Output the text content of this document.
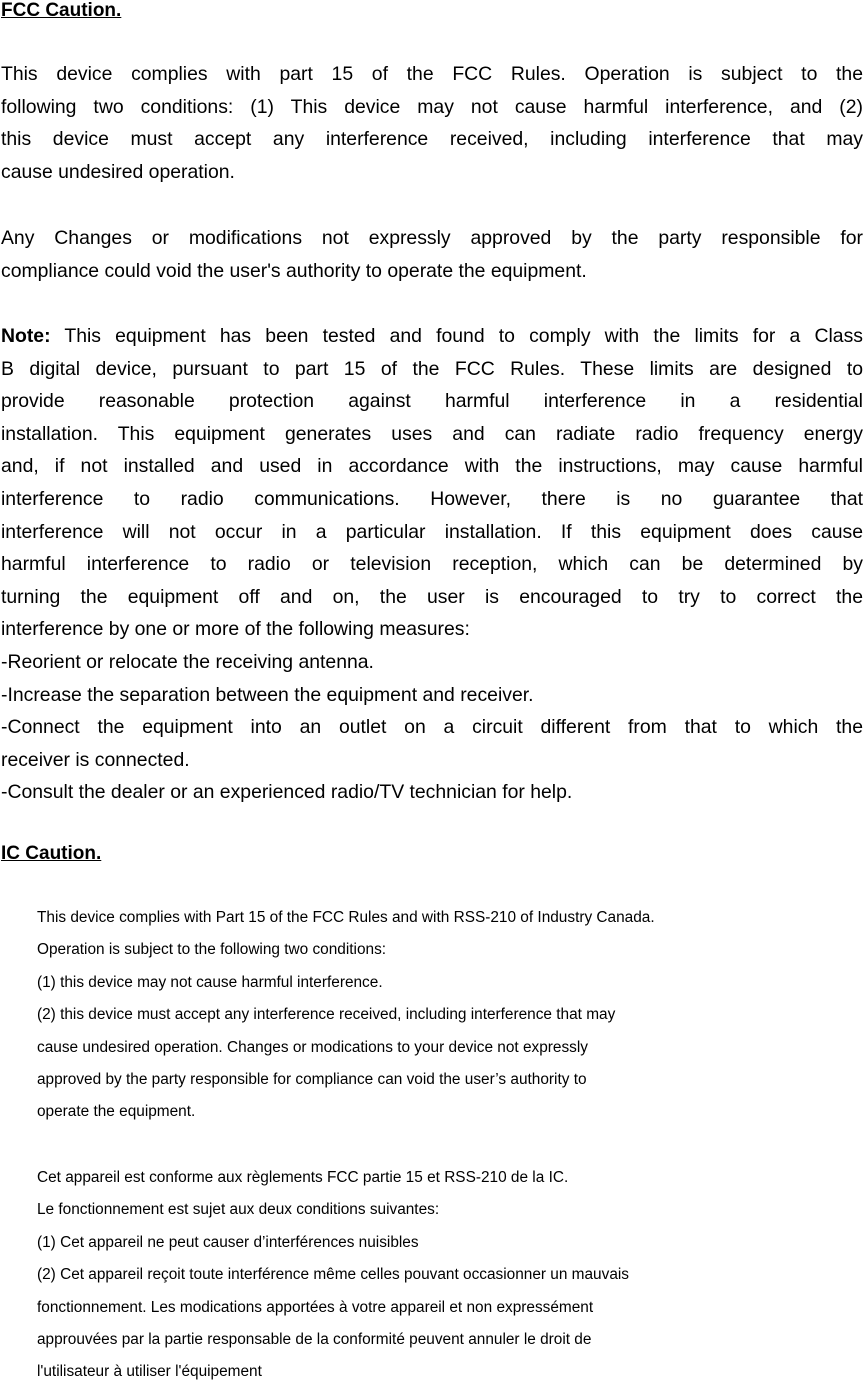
FCC Caution.

This device complies with part 15 of the FCC Rules. Operation is subject to the
following two conditions: (1) This device may not cause harmful interference, and (2)
this device must accept any interference received, including interference that may
cause undesired operation.

Any Changes or modifications not expressly approved by the party responsible for
compliance could void the user's authority to operate the equipment.

Note: This equipment has been tested and found to comply with the limits for a Class
B digital device, pursuant to part 15 of the FCC Rules. These limits are designed to
provide reasonable protection against harmful interference in a residential
installation. This equipment generates uses and can radiate radio frequency energy
and, if not installed and used in accordance with the instructions, may cause harmful
interference to radio communications. However, there is no guarantee that
interference will not occur in a particular installation. If this equipment does cause
harmful interference to radio or television reception, which can be determined by
turning the equipment off and on, the user is encouraged to try to correct the
interference by one or more of the following measures:
-Reorient or relocate the receiving antenna.
-Increase the separation between the equipment and receiver.
-Connect the equipment into an outlet on a circuit different from that to which the
receiver is connected.
-Consult the dealer or an experienced radio/TV technician for help.

IC Caution.
This device complies with Part 15 of the FCC Rules and with RSS-210 of Industry Canada.
Operation is subject to the following two conditions:
(1) this device may not cause harmful interference.
(2) this device must accept any interference received, including interference that may
cause undesired operation. Changes or modications to your device not expressly
approved by the party responsible for compliance can void the user’s authority to
operate the equipment.
Cet appareil est conforme aux règlements FCC partie 15 et RSS-210 de la IC.
Le fonctionnement est sujet aux deux conditions suivantes:
(1) Cet appareil ne peut causer d’interférences nuisibles
(2) Cet appareil reçoit toute interférence même celles pouvant occasionner un mauvais
fonctionnement. Les modications apportées à votre appareil et non expressément
approuvées par la partie responsable de la conformité peuvent annuler le droit de
l'utilisateur à utiliser l'équipement
